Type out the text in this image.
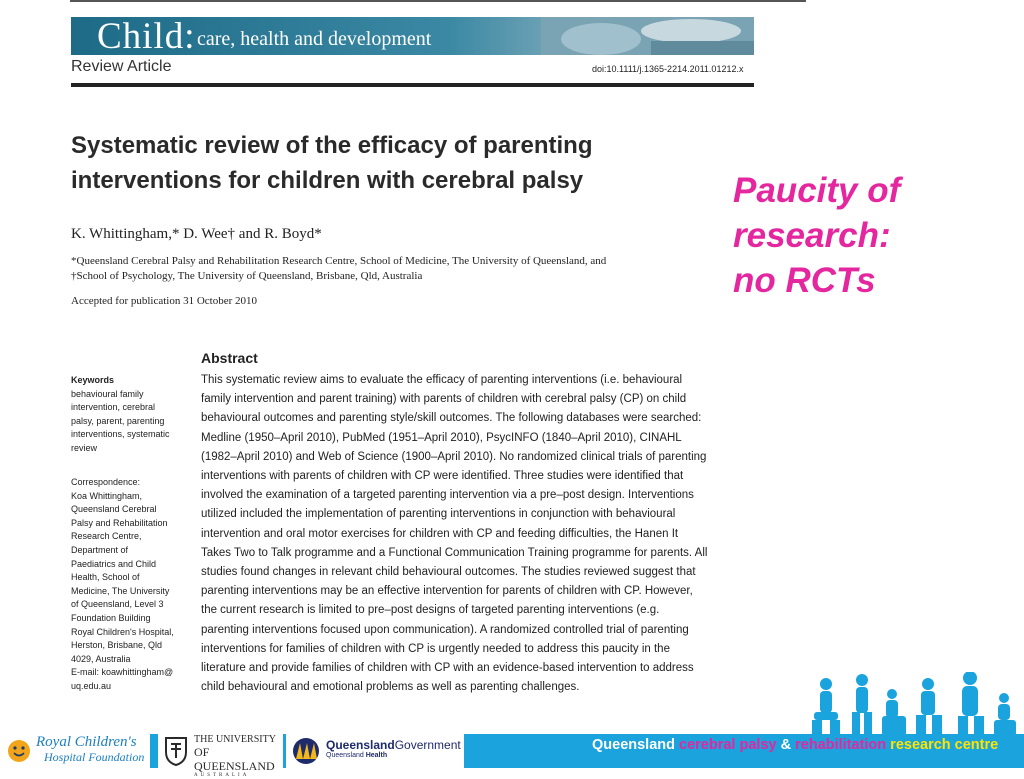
Child: care, health and development
Review Article	doi:10.1111/j.1365-2214.2011.01212.x
Systematic review of the efficacy of parenting
interventions for children with cerebral palsy
K. Whittingham,* D. Wee† and R. Boyd*
*Queensland Cerebral Palsy and Rehabilitation Research Centre, School of Medicine, The University of Queensland, and
†School of Psychology, The University of Queensland, Brisbane, Qld, Australia
Accepted for publication 31 October 2010
Keywords
behavioural family
intervention, cerebral
palsy, parent, parenting
interventions, systematic
review
Correspondence:
Koa Whittingham,
Queensland Cerebral
Palsy and Rehabilitation
Research Centre,
Department of
Paediatrics and Child
Health, School of
Medicine, The University
of Queensland, Level 3
Foundation Building
Royal Children's Hospital,
Herston, Brisbane, Qld
4029, Australia
E-mail: koawhittingham@
uq.edu.au
Abstract
This systematic review aims to evaluate the efficacy of parenting interventions (i.e. behavioural
family intervention and parent training) with parents of children with cerebral palsy (CP) on child
behavioural outcomes and parenting style/skill outcomes. The following databases were searched:
Medline (1950–April 2010), PubMed (1951–April 2010), PsycINFO (1840–April 2010), CINAHL
(1982–April 2010) and Web of Science (1900–April 2010). No randomized clinical trials of parenting
interventions with parents of children with CP were identified. Three studies were identified that
involved the examination of a targeted parenting intervention via a pre–post design. Interventions
utilized included the implementation of parenting interventions in conjunction with behavioural
intervention and oral motor exercises for children with CP and feeding difficulties, the Hanen It
Takes Two to Talk programme and a Functional Communication Training programme for parents. All
studies found changes in relevant child behavioural outcomes. The studies reviewed suggest that
parenting interventions may be an effective intervention for parents of children with CP. However,
the current research is limited to pre–post designs of targeted parenting interventions (e.g.
parenting interventions focused upon communication). A randomized controlled trial of parenting
interventions for families of children with CP is urgently needed to address this paucity in the
literature and provide families of children with CP with an evidence-based intervention to address
child behavioural and emotional problems as well as parenting challenges.
Paucity of
research:
no RCTs
Royal Children's
Hospital Foundation
THE UNIVERSITY
OF QUEENSLAND
AUSTRALIA
QueenslandGovernment
Queensland Health
Queensland cerebral palsy & rehabilitation research centre
